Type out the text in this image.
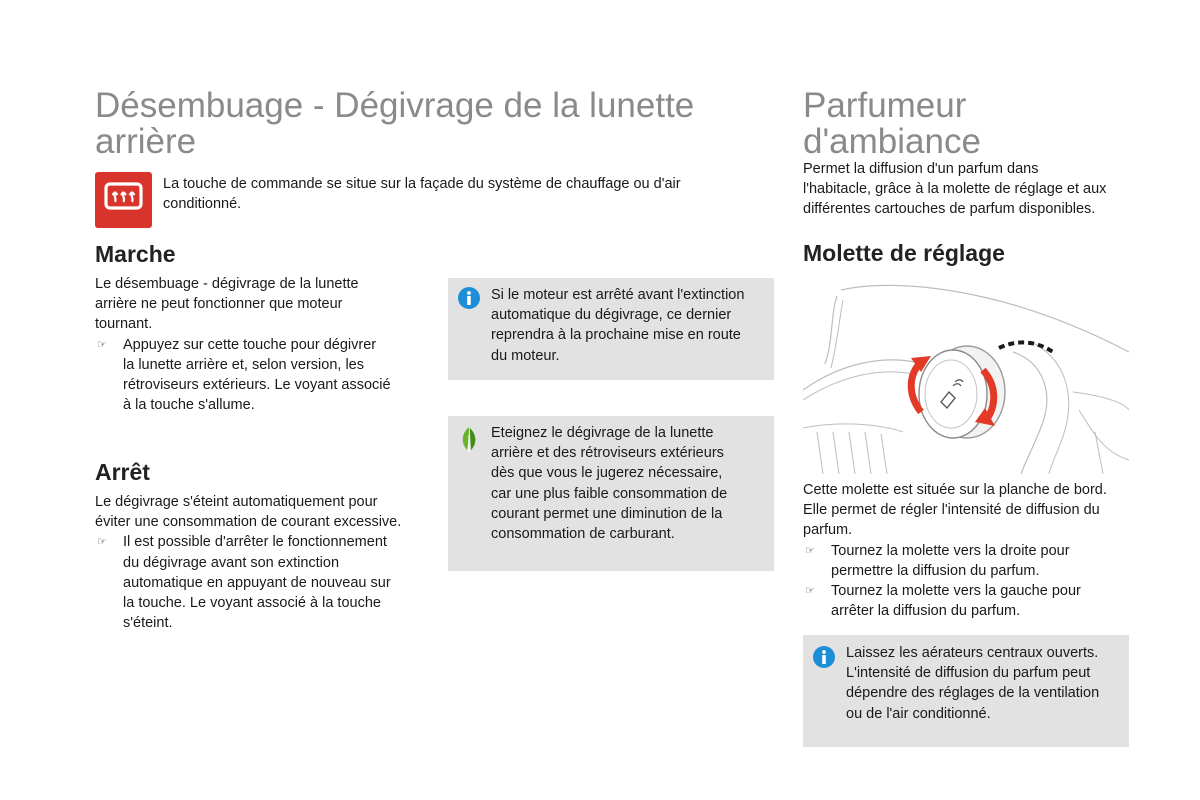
Désembuage - Dégivrage de la lunette
arrière
La touche de commande se situe sur la façade du système de chauffage ou d'air
conditionné.
Marche
Le désembuage - dégivrage de la lunette
arrière ne peut fonctionner que moteur
tournant.
☞ Appuyez sur cette touche pour dégivrer
la lunette arrière et, selon version, les
rétroviseurs extérieurs. Le voyant associé
à la touche s'allume.
Arrêt
Le dégivrage s'éteint automatiquement pour
éviter une consommation de courant excessive.
☞ Il est possible d'arrêter le fonctionnement
du dégivrage avant son extinction
automatique en appuyant de nouveau sur
la touche. Le voyant associé à la touche
s'éteint.
Si le moteur est arrêté avant l'extinction
automatique du dégivrage, ce dernier
reprendra à la prochaine mise en route
du moteur.
Eteignez le dégivrage de la lunette
arrière et des rétroviseurs extérieurs
dès que vous le jugerez nécessaire,
car une plus faible consommation de
courant permet une diminution de la
consommation de carburant.
Parfumeur
d'ambiance
Permet la diffusion d'un parfum dans
l'habitacle, grâce à la molette de réglage et aux
différentes cartouches de parfum disponibles.
Molette de réglage
Cette molette est située sur la planche de bord.
Elle permet de régler l'intensité de diffusion du
parfum.
☞ Tournez la molette vers la droite pour
permettre la diffusion du parfum.
☞ Tournez la molette vers la gauche pour
arrêter la diffusion du parfum.
Laissez les aérateurs centraux ouverts.
L'intensité de diffusion du parfum peut
dépendre des réglages de la ventilation
ou de l'air conditionné.
